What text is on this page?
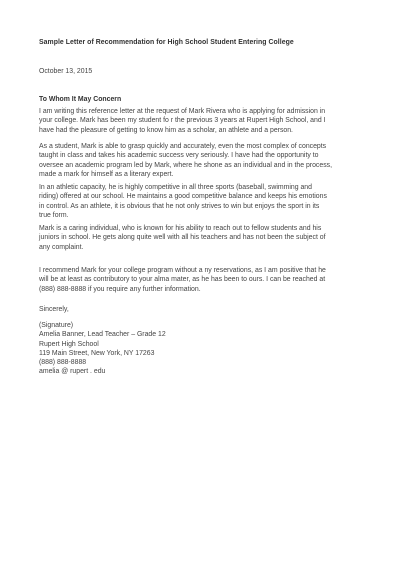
Sample Letter of Recommendation for High School Student Entering College
October 13, 2015
To Whom It May Concern
I am writing this reference letter at the request of Mark Rivera who is applying for admission in
your college. Mark has been my student fo r the previous 3 years at Rupert High School, and I
have had the pleasure of getting to know him as a scholar, an athlete and a person.
As a student, Mark is able to grasp quickly and accurately, even the most complex of concepts
taught in class and takes his academic success very seriously. I have had the opportunity to
oversee an academic program led by Mark, where he shone as an individual and in the process,
made a mark for himself as a literary expert.
In an athletic capacity, he is highly competitive in all three sports (baseball, swimming and
riding) offered at our school. He maintains a good competitive balance and keeps his emotions
in control. As an athlete, it is obvious that he not only strives to win but enjoys the sport in its
true form.
Mark is a caring individual, who is known for his ability to reach out to fellow students and his
juniors in school. He gets along quite well with all his teachers and has not been the subject of
any complaint.
I recommend Mark for your college program without a ny reservations, as I am positive that he
will be at least as contributory to your alma mater, as he has been to ours. I can be reached at
(888) 888-8888 if you require any further information.
Sincerely,
(Signature)
Amelia Banner, Lead Teacher – Grade 12
Rupert High School
119 Main Street, New York, NY 17263
(888) 888-8888
amelia @ rupert . edu
